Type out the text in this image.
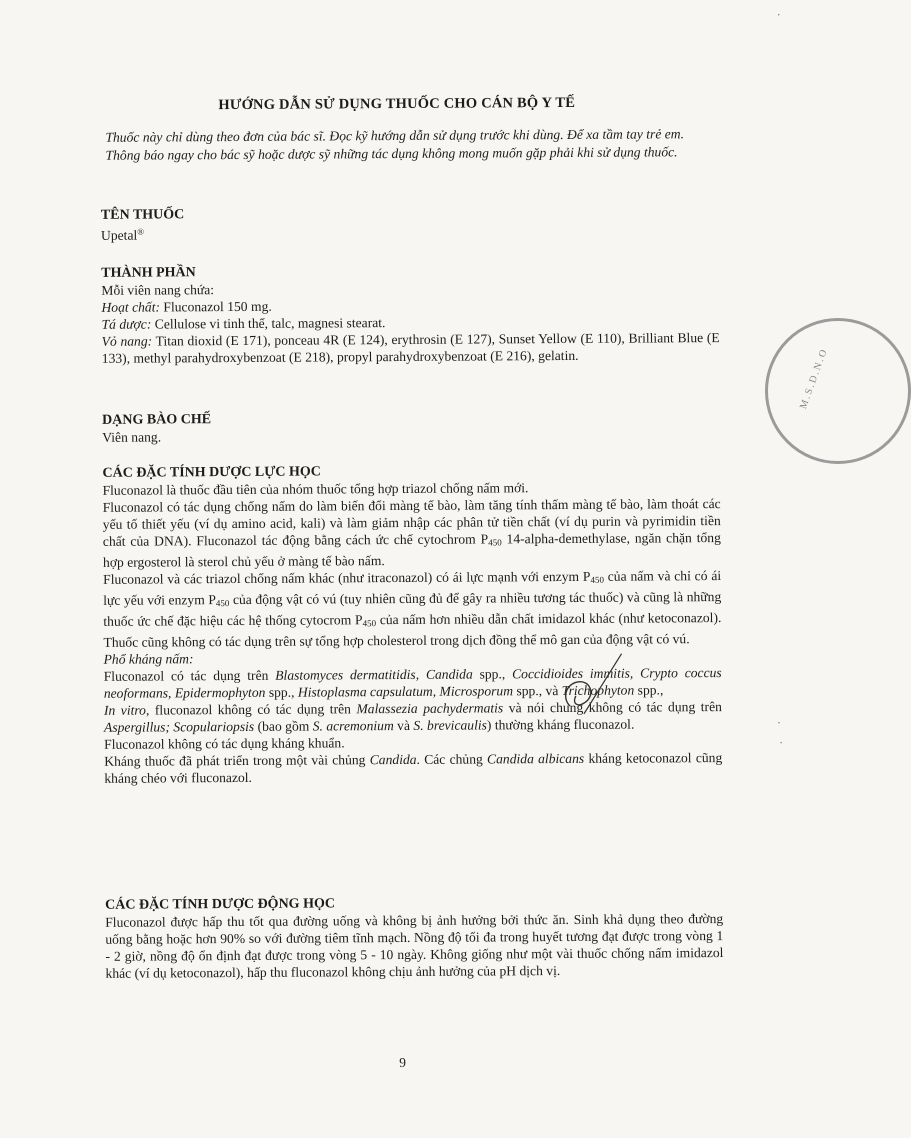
HƯỚNG DẪN SỬ DỤNG THUỐC CHO CÁN BỘ Y TẾ
Thuốc này chỉ dùng theo đơn của bác sĩ. Đọc kỹ hướng dẫn sử dụng trước khi dùng. Để xa tầm tay trẻ em. Thông báo ngay cho bác sỹ hoặc dược sỹ những tác dụng không mong muốn gặp phải khi sử dụng thuốc.

TÊN THUỐC

Upetal®

THÀNH PHẦN

Mỗi viên nang chứa:

Hoạt chất: Fluconazol 150 mg.

Tá dược: Cellulose vi tinh thể, talc, magnesi stearat.

Vỏ nang: Titan dioxid (E 171), ponceau 4R (E 124), erythrosin (E 127), Sunset Yellow (E 110), Brilliant Blue (E 133), methyl parahydroxybenzoat (E 218), propyl parahydroxybenzoat (E 216), gelatin.

DẠNG BÀO CHẾ

Viên nang.

CÁC ĐẶC TÍNH DƯỢC LỰC HỌC

Fluconazol là thuốc đầu tiên của nhóm thuốc tổng hợp triazol chống nấm mới.

Fluconazol có tác dụng chống nấm do làm biến đổi màng tế bào, làm tăng tính thấm màng tế bào, làm thoát các yếu tố thiết yếu (ví dụ amino acid, kali) và làm giảm nhập các phân tử tiền chất (ví dụ purin và pyrimidin tiền chất của DNA). Fluconazol tác động bằng cách ức chế cytochrom $P_{450}$ 14-alpha-demethylase, ngăn chặn tổng hợp ergosterol là sterol chủ yếu ở màng tế bào nấm.

Fluconazol và các triazol chống nấm khác (như itraconazol) có ái lực mạnh với enzym $P_{450}$ của nấm và chỉ có ái lực yếu với enzym $P_{450}$ của động vật có vú (tuy nhiên cũng đủ để gây ra nhiều tương tác thuốc) và cũng là những thuốc ức chế đặc hiệu các hệ thống cytocrom $P_{450}$ của nấm hơn nhiều dẫn chất imidazol khác (như ketoconazol). Thuốc cũng không có tác dụng trên sự tổng hợp cholesterol trong dịch đồng thể mô gan của động vật có vú.

Phổ kháng nấm:

Fluconazol có tác dụng trên Blastomyces dermatitidis, Candida spp., Coccidioides immitis, Crypto coccus neoformans, Epidermophyton spp., Histoplasma capsulatum, Microsporum spp., và Trichophyton spp.,

In vitro, fluconazol không có tác dụng trên Malassezia pachydermatis và nói chung không có tác dụng trên Aspergillus; Scopulariopsis (bao gồm S. acremonium và S. brevicaulis) thường kháng fluconazol.

Fluconazol không có tác dụng kháng khuẩn.

Kháng thuốc đã phát triển trong một vài chủng Candida. Các chủng Candida albicans kháng ketoconazol cũng kháng chéo với fluconazol.

CÁC ĐẶC TÍNH DƯỢC ĐỘNG HỌC

Fluconazol được hấp thu tốt qua đường uống và không bị ảnh hưởng bởi thức ăn. Sinh khả dụng theo đường uống bằng hoặc hơn 90% so với đường tiêm tĩnh mạch. Nồng độ tối đa trong huyết tương đạt được trong vòng 1 - 2 giờ, nồng độ ổn định đạt được trong vòng 5 - 10 ngày. Không giống như một vài thuốc chống nấm imidazol khác (ví dụ ketoconazol), hấp thu fluconazol không chịu ảnh hưởng của pH dịch vị.

9
·
·
·
M.S.D.N.O
